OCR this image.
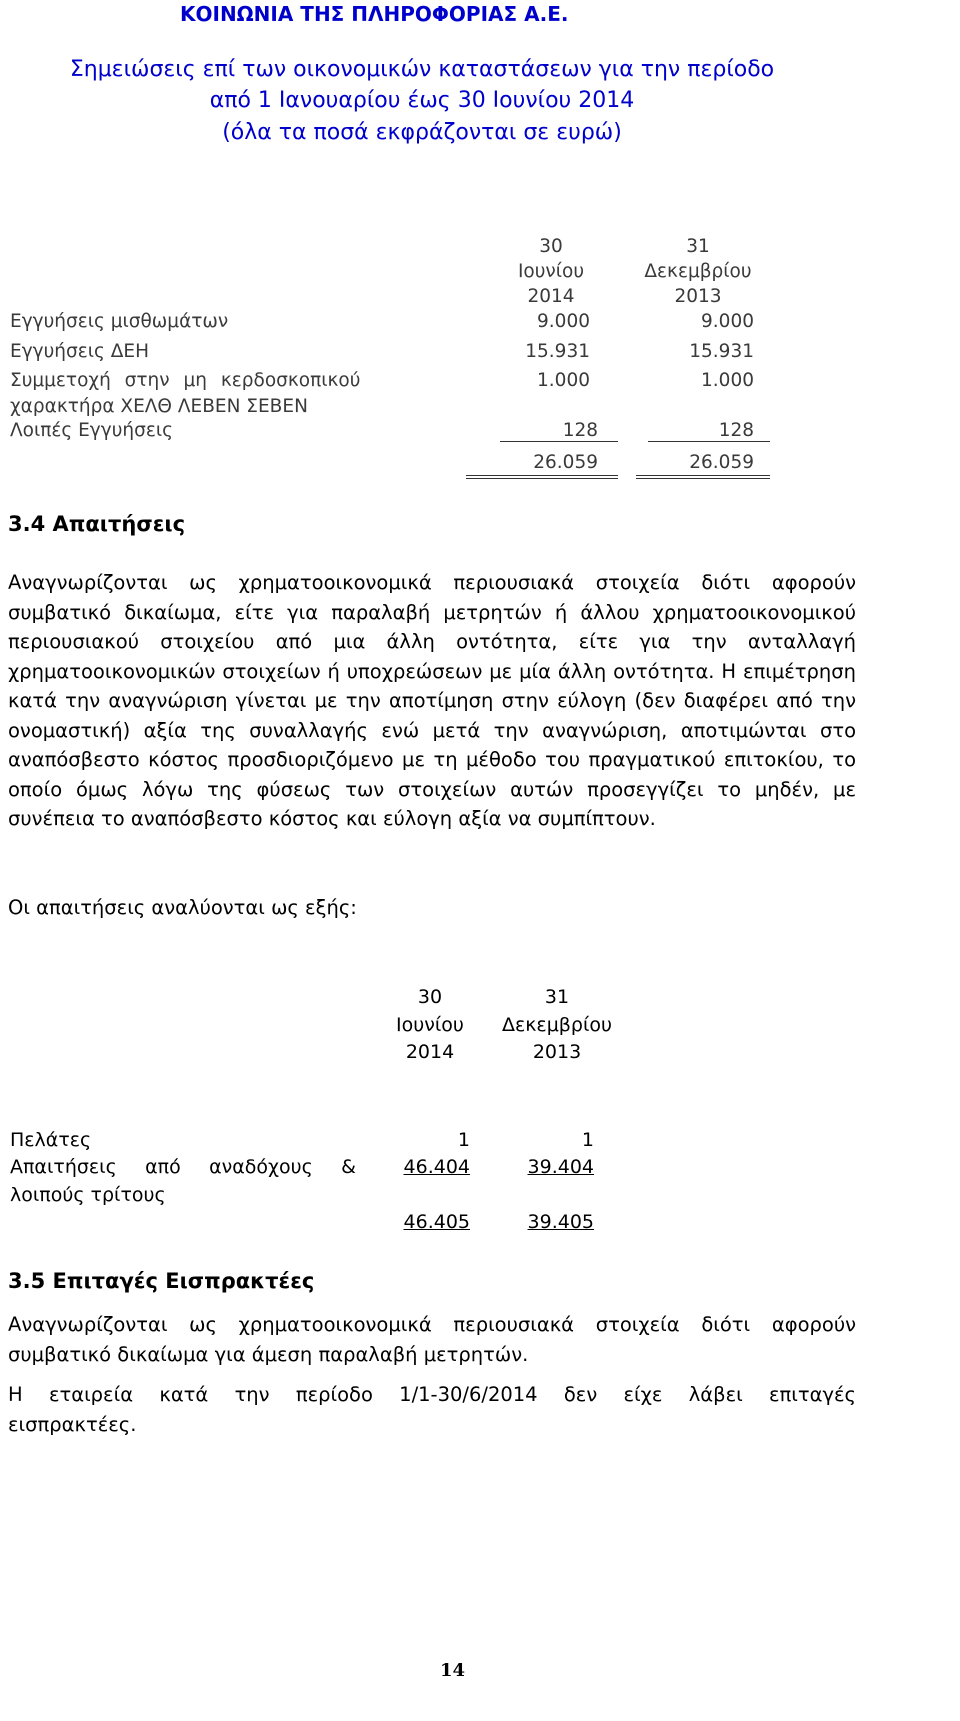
ΚΟΙΝΩΝΙΑ ΤΗΣ ΠΛΗΡΟΦΟΡΙΑΣ Α.Ε.
Σημειώσεις επί των οικονομικών καταστάσεων για την περίοδο
από 1 Ιανουαρίου έως 30 Ιουνίου 2014
(όλα τα ποσά εκφράζονται σε ευρώ)
30
Ιουνίου
2014
31
Δεκεμβρίου
2013
Εγγυήσεις μισθωμάτων	9.000	9.000
Εγγυήσεις ΔΕΗ	15.931	15.931
Συμμετοχή στην μη κερδοσκοπικού
χαρακτήρα ΧΕΛΘ ΛΕΒΕΝ ΣΕΒΕΝ
1.000	1.000
Λοιπές Εγγυήσεις	128	128
26.059	26.059
3.4 Απαιτήσεις
Αναγνωρίζονται ως χρηματοοικονομικά περιουσιακά στοιχεία διότι αφορούν συμβατικό δικαίωμα, είτε για παραλαβή μετρητών ή άλλου χρηματοοικονομικού περιουσιακού στοιχείου από μια άλλη οντότητα, είτε για την ανταλλαγή χρηματοοικονομικών στοιχείων ή υποχρεώσεων με μία άλλη οντότητα. Η επιμέτρηση κατά την αναγνώριση γίνεται με την αποτίμηση στην εύλογη (δεν διαφέρει από την ονομαστική) αξία της συναλλαγής ενώ μετά την αναγνώριση, αποτιμώνται στο αναπόσβεστο κόστος προσδιοριζόμενο με τη μέθοδο του πραγματικού επιτοκίου, το οποίο όμως λόγω της φύσεως των στοιχείων αυτών προσεγγίζει το μηδέν, με συνέπεια το αναπόσβεστο κόστος και εύλογη αξία να συμπίπτουν.
Οι απαιτήσεις αναλύονται ως εξής:
30
Ιουνίου
2014
31
Δεκεμβρίου
2013
Πελάτες	1	1
Απαιτήσεις από αναδόχους &
λοιπούς τρίτους
46.404	39.404
46.405	39.405
3.5 Επιταγές Εισπρακτέες
Αναγνωρίζονται ως χρηματοοικονομικά περιουσιακά στοιχεία διότι αφορούν συμβατικό δικαίωμα για άμεση παραλαβή μετρητών.
Η εταιρεία κατά την περίοδο 1/1-30/6/2014 δεν είχε λάβει επιταγές εισπρακτέες.
14
